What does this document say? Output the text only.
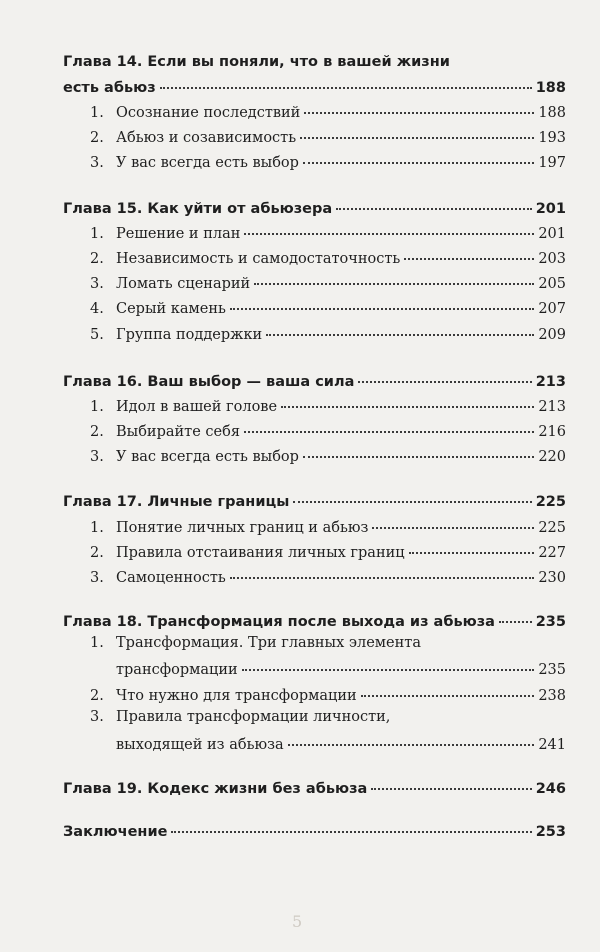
Глава 14. Если вы поняли, что в вашей жизни
есть абьюз	188
1. Осознание последствий	188
2. Абьюз и созависимость	193
3. У вас всегда есть выбор	197
Глава 15. Как уйти от абьюзера	201
1. Решение и план	201
2. Независимость и самодостаточность	203
3. Ломать сценарий	205
4. Серый камень	207
5. Группа поддержки	209
Глава 16. Ваш выбор — ваша сила	213
1. Идол в вашей голове	213
2. Выбирайте себя	216
3. У вас всегда есть выбор	220
Глава 17. Личные границы	225
1. Понятие личных границ и абьюз	225
2. Правила отстаивания личных границ	227
3. Самоценность	230
Глава 18. Трансформация после выхода из абьюза	235
1. Трансформация. Три главных элемента
трансформации	235
2. Что нужно для трансформации	238
3. Правила трансформации личности,
выходящей из абьюза	241
Глава 19. Кодекс жизни без абьюза	246
Заключение	253
5
